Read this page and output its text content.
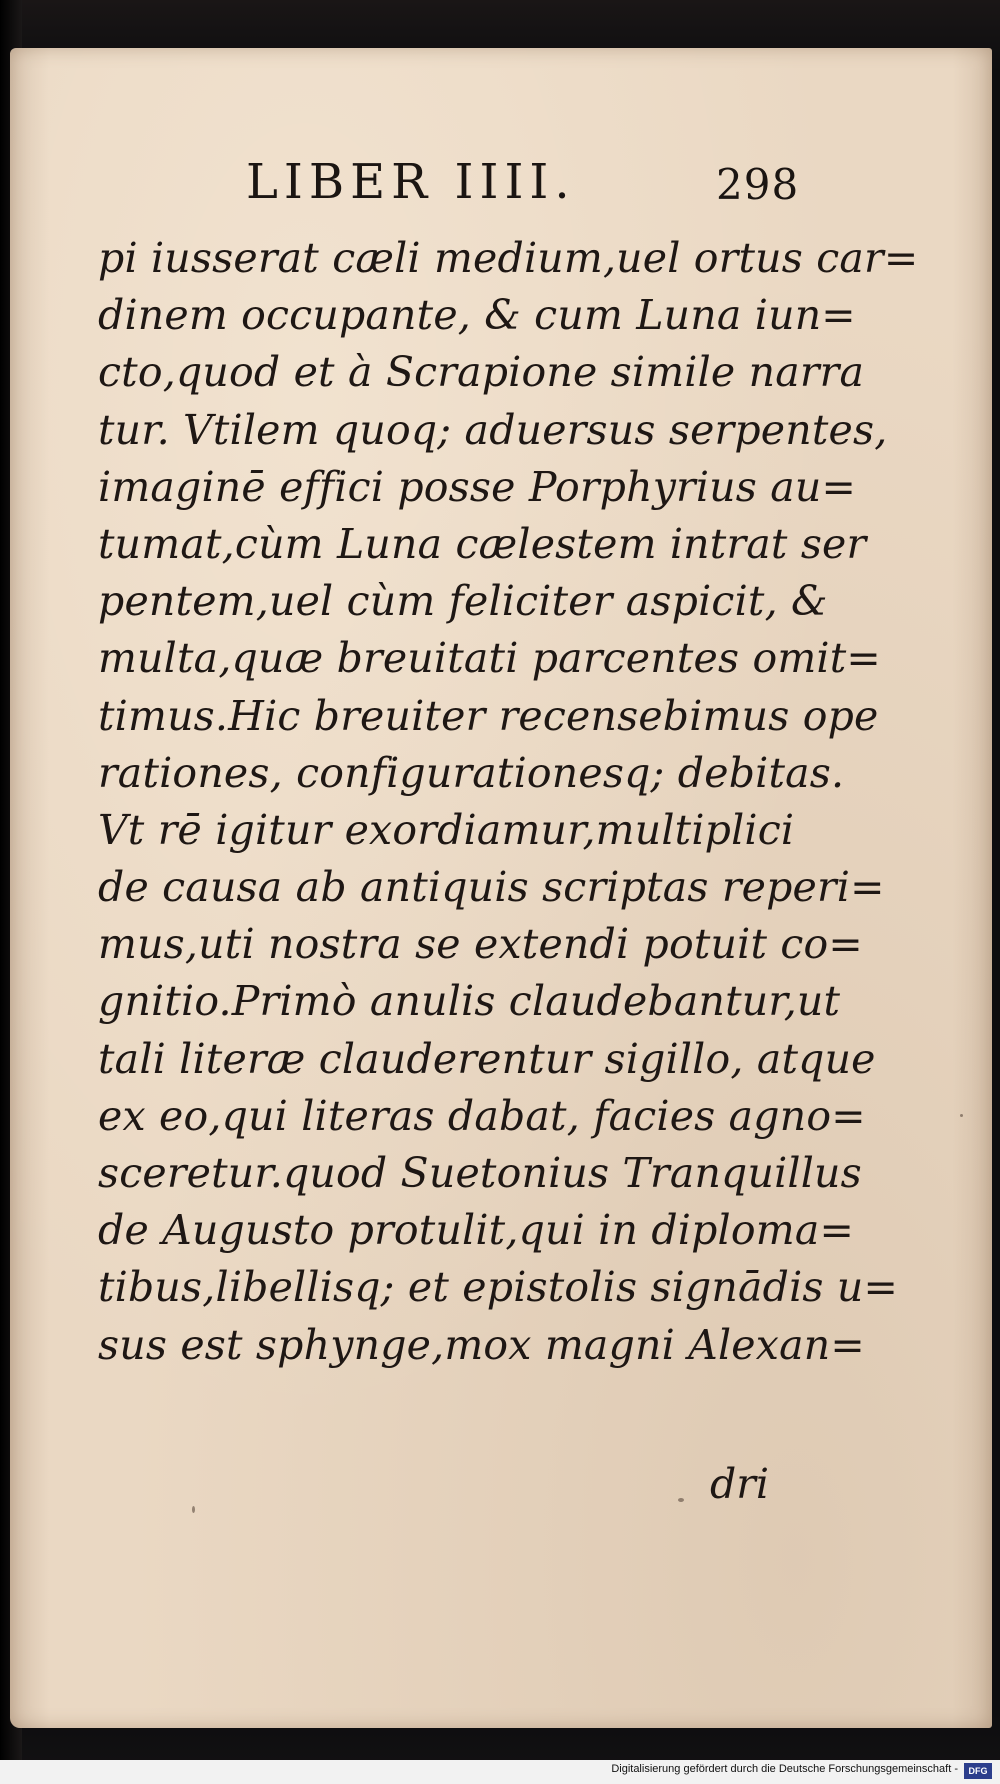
LIBER IIII.	298
pi iusserat cæli medium,uel ortus car=
dinem occupante, & cum Luna iun=
cto,quod et à Scrapione simile narra
tur. Vtilem quoq; aduersus serpentes,
imaginē effici posse Porphyrius au=
tumat,cùm Luna cælestem intrat ser
pentem,uel cùm feliciter aspicit, &
multa,quæ breuitati parcentes omit=
timus.Hic breuiter recensebimus ope
rationes, configurationesq; debitas.
Vt rē igitur exordiamur,multiplici
de causa ab antiquis scriptas reperi=
mus,uti nostra se extendi potuit co=
gnitio.Primò anulis claudebantur,ut
tali literæ clauderentur sigillo, atque
ex eo,qui literas dabat, facies agno=
sceretur.quod Suetonius Tranquillus
de Augusto protulit,qui in diploma=
tibus,libellisq; et epistolis signādis u=
sus est sphynge,mox magni Alexan=
dri
Digitalisierung gefördert durch die Deutsche Forschungsgemeinschaft -	DFG
